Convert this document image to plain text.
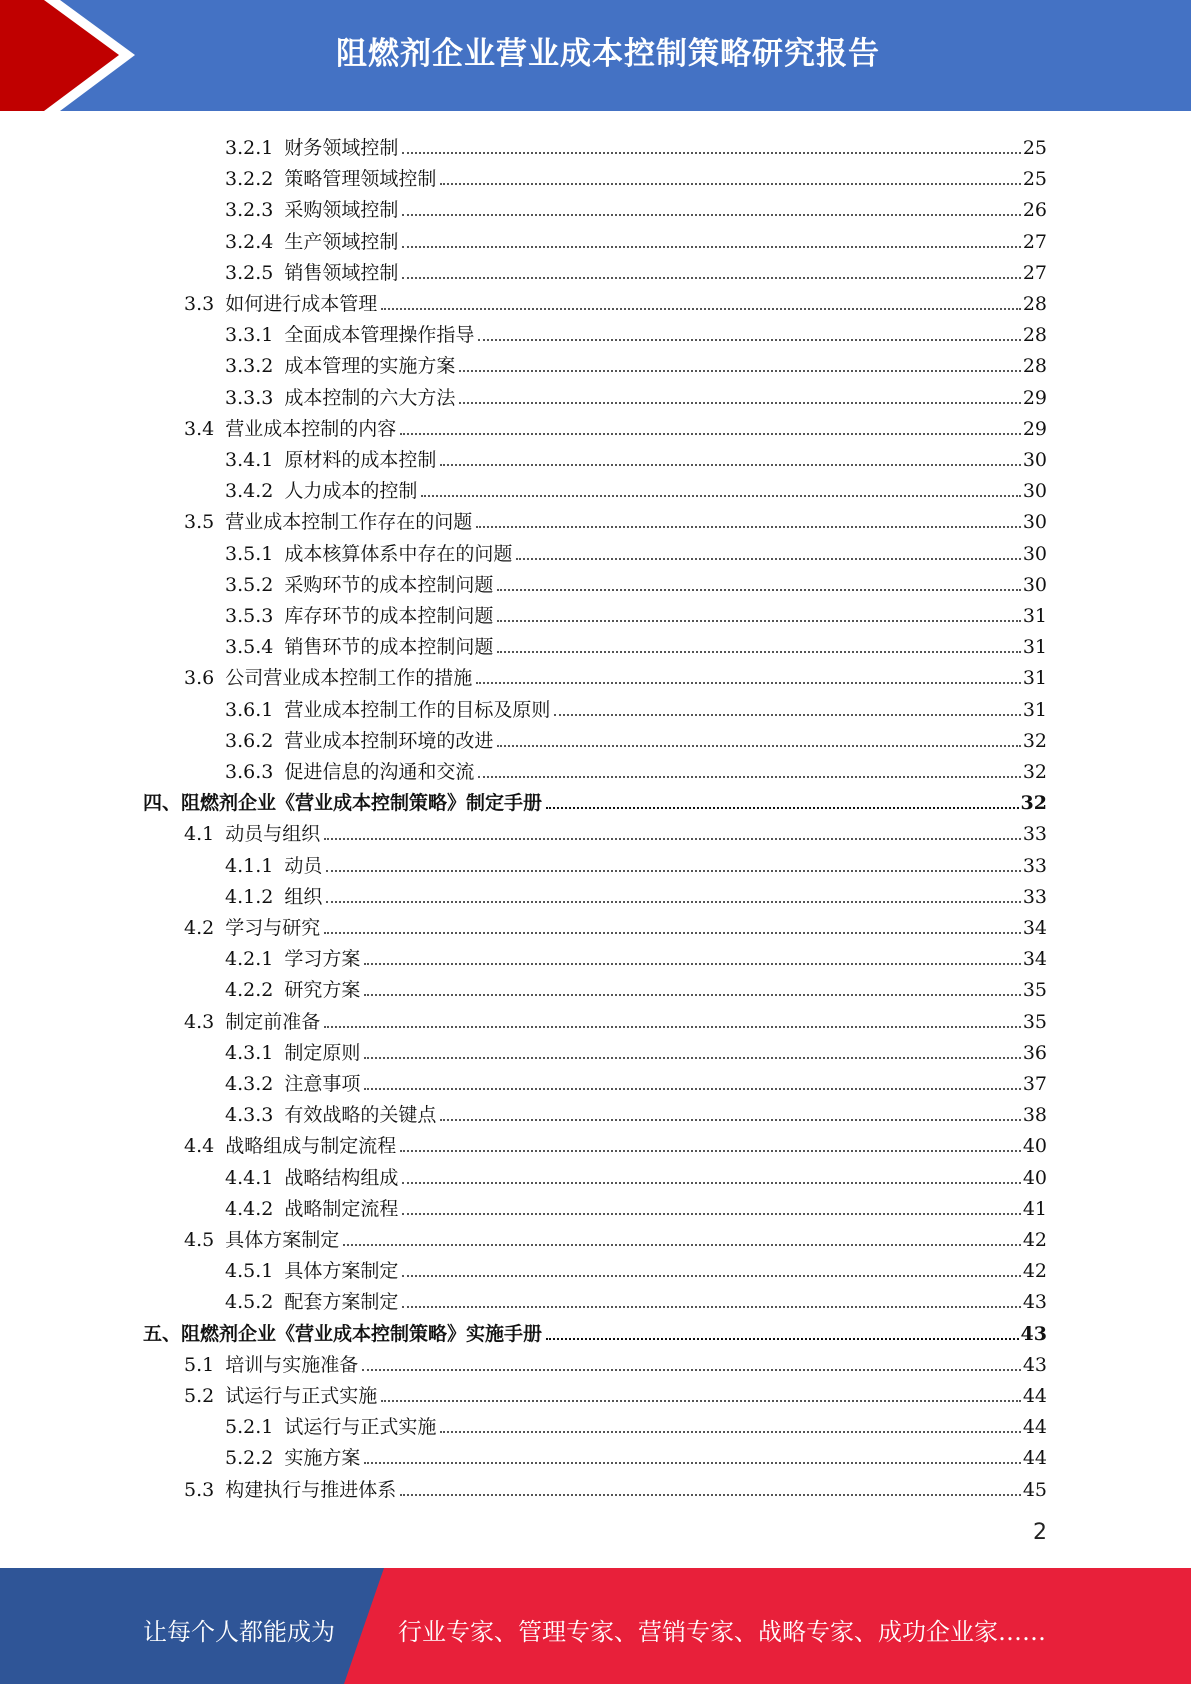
阻燃剂企业营业成本控制策略研究报告
3.2.1 财务领域控制	25
3.2.2 策略管理领域控制	25
3.2.3 采购领域控制	26
3.2.4 生产领域控制	27
3.2.5 销售领域控制	27
3.3 如何进行成本管理	28
3.3.1 全面成本管理操作指导	28
3.3.2 成本管理的实施方案	28
3.3.3 成本控制的六大方法	29
3.4 营业成本控制的内容	29
3.4.1 原材料的成本控制	30
3.4.2 人力成本的控制	30
3.5 营业成本控制工作存在的问题	30
3.5.1 成本核算体系中存在的问题	30
3.5.2 采购环节的成本控制问题	30
3.5.3 库存环节的成本控制问题	31
3.5.4 销售环节的成本控制问题	31
3.6 公司营业成本控制工作的措施	31
3.6.1 营业成本控制工作的目标及原则	31
3.6.2 营业成本控制环境的改进	32
3.6.3 促进信息的沟通和交流	32
四、阻燃剂企业《营业成本控制策略》制定手册	32
4.1 动员与组织	33
4.1.1 动员	33
4.1.2 组织	33
4.2 学习与研究	34
4.2.1 学习方案	34
4.2.2 研究方案	35
4.3 制定前准备	35
4.3.1 制定原则	36
4.3.2 注意事项	37
4.3.3 有效战略的关键点	38
4.4 战略组成与制定流程	40
4.4.1 战略结构组成	40
4.4.2 战略制定流程	41
4.5 具体方案制定	42
4.5.1 具体方案制定	42
4.5.2 配套方案制定	43
五、阻燃剂企业《营业成本控制策略》实施手册	43
5.1 培训与实施准备	43
5.2 试运行与正式实施	44
5.2.1 试运行与正式实施	44
5.2.2 实施方案	44
5.3 构建执行与推进体系	45
2
让每个人都能成为	行业专家、管理专家、营销专家、战略专家、成功企业家……
